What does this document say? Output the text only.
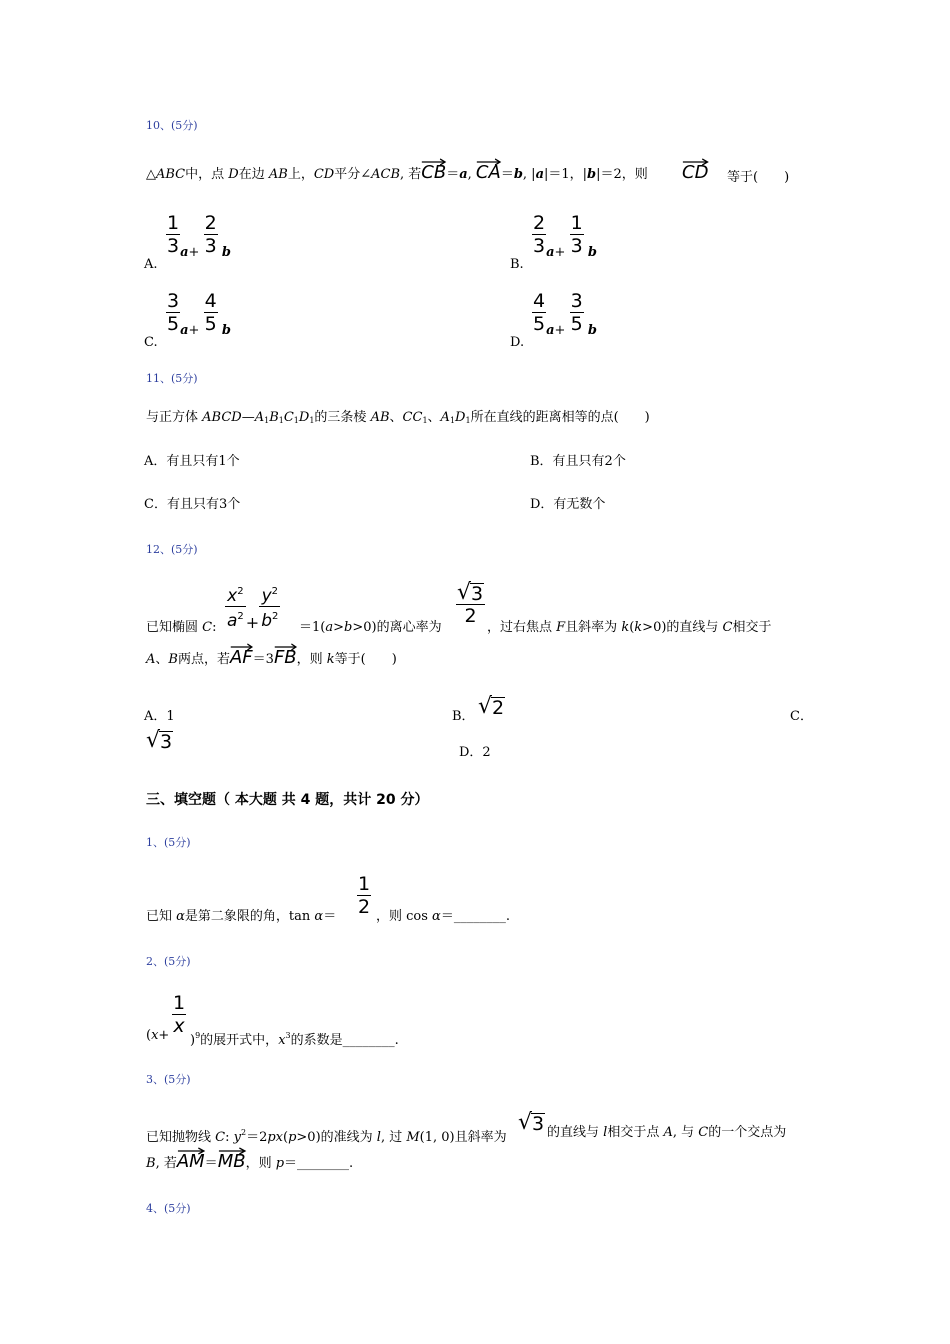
10、(5分)
△ABC中，点 D在边 AB上，CD平分∠ACB, 若
CB＝a, CA＝b, |a|＝1，|b|＝2，则 CD 等于(　　)
A.
$\frac{1}{3} a+ \frac{2}{3}$ b
B.
$\frac{2}{3} a+ \frac{1}{3}$ b
C.
$\frac{3}{5} a+ \frac{4}{5}$ b
D.
$\frac{4}{5} a+ \frac{3}{5}$ b
11、(5分)
与正方体 $ABCD—A_1B_1C_1D_1$的三条棱 AB、$CC_1$、$A_1D_1$所在直线的距离相等的点(　　)
A．有且只有1个	B．有且只有2个
C．有且只有3个	D．有无数个
12、(5分)
已知椭圆 C: $\frac{x^2}{a^2} + \frac{y^2}{b^2} =1(a>b>0)$的离心率为
$\frac{√ 3}{2}$
，过右焦点 F且斜率为 k(k>0)的直线与 C相交于
A、B两点，若
AF＝3
FB，则 k等于(　　)
A．1	B． √ 2	C．
√ 3	D．2
三、填空题（ 本大题 共 4 题，共计 20 分）
1、(5分)
已知 α是第二象限的角，$\tan \alpha= \frac{1}{2}$ ，则 cos α＝________.
2、(5分)
($x+ \frac{1}{x}$
)$^9$的展开式中，$x^3$的系数是________.
3、(5分)
已知抛物线 C: $y^2=2px(p>0)$的准线为 l, 过 M(1, 0)且斜率为
√ 3 的直线与 l相交于点 A, 与 C的一个交点为
B, 若
AM＝
MB，则 p＝________.
4、(5分)
